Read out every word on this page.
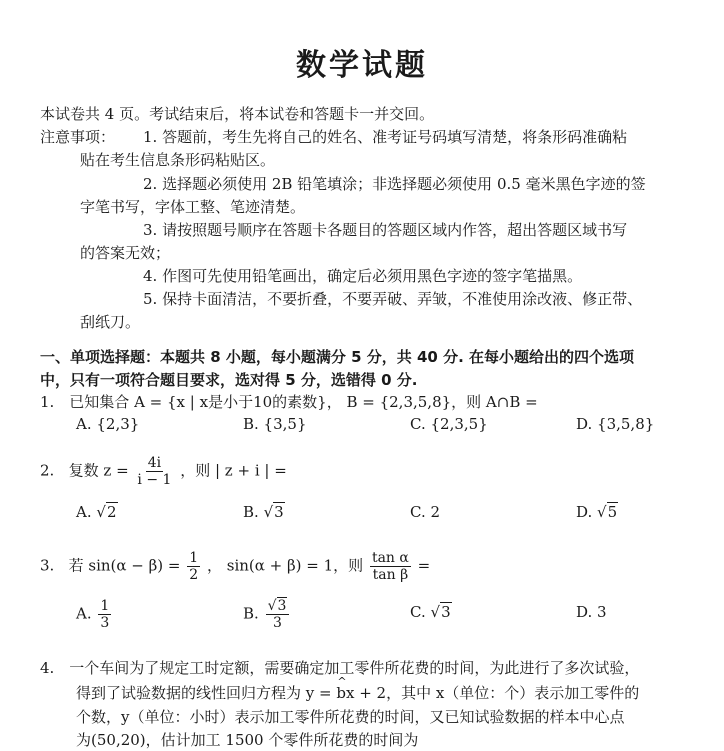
数学试题
本试卷共 4 页。考试结束后，将本试卷和答题卡一并交回。
注意事项： 1. 答题前，考生先将自己的姓名、准考证号码填写清楚，将条形码准确粘
贴在考生信息条形码粘贴区。
2. 选择题必须使用 2B 铅笔填涂；非选择题必须使用 0.5 毫米黑色字迹的签
字笔书写，字体工整、笔迹清楚。
3. 请按照题号顺序在答题卡各题目的答题区域内作答，超出答题区域书写
的答案无效；
4. 作图可先使用铅笔画出，确定后必须用黑色字迹的签字笔描黑。
5. 保持卡面清洁，不要折叠，不要弄破、弄皱，不准使用涂改液、修正带、
刮纸刀。
一、单项选择题：本题共 8 小题，每小题满分 5 分，共 40 分. 在每小题给出的四个选项
中，只有一项符合题目要求，选对得 5 分，选错得 0 分.
1.　已知集合 A = {x | x是小于10的素数}， B = {2,3,5,8}，则 A∩B =
A. {2,3}	B. {3,5}	C. {2,3,5}	D. {3,5,8}
2. 复数 $z = \frac{4i}{i - 1}$ ，则 | z + i | =
A. √2	B. √3	C. 2	D. √5
3. 若 $\sin(\alpha - \beta) = \frac{1}{2}$ ， sin(α + β) = 1，则 $\frac{\text{tan α}}{\text{tan β}}$ =
A. $\frac{1}{3}$	B. $\frac{√3}{3}$	C. √3	D. 3
4.　一个车间为了规定工时定额，需要确定加工零件所花费的时间，为此进行了多次试验，
得到了试验数据的线性回归方程为 y = ^ bx + 2，其中 x（单位：个）表示加工零件的
个数，y（单位：小时）表示加工零件所花费的时间，又已知试验数据的样本中心点
为(50,20)，估计加工 1500 个零件所花费的时间为
